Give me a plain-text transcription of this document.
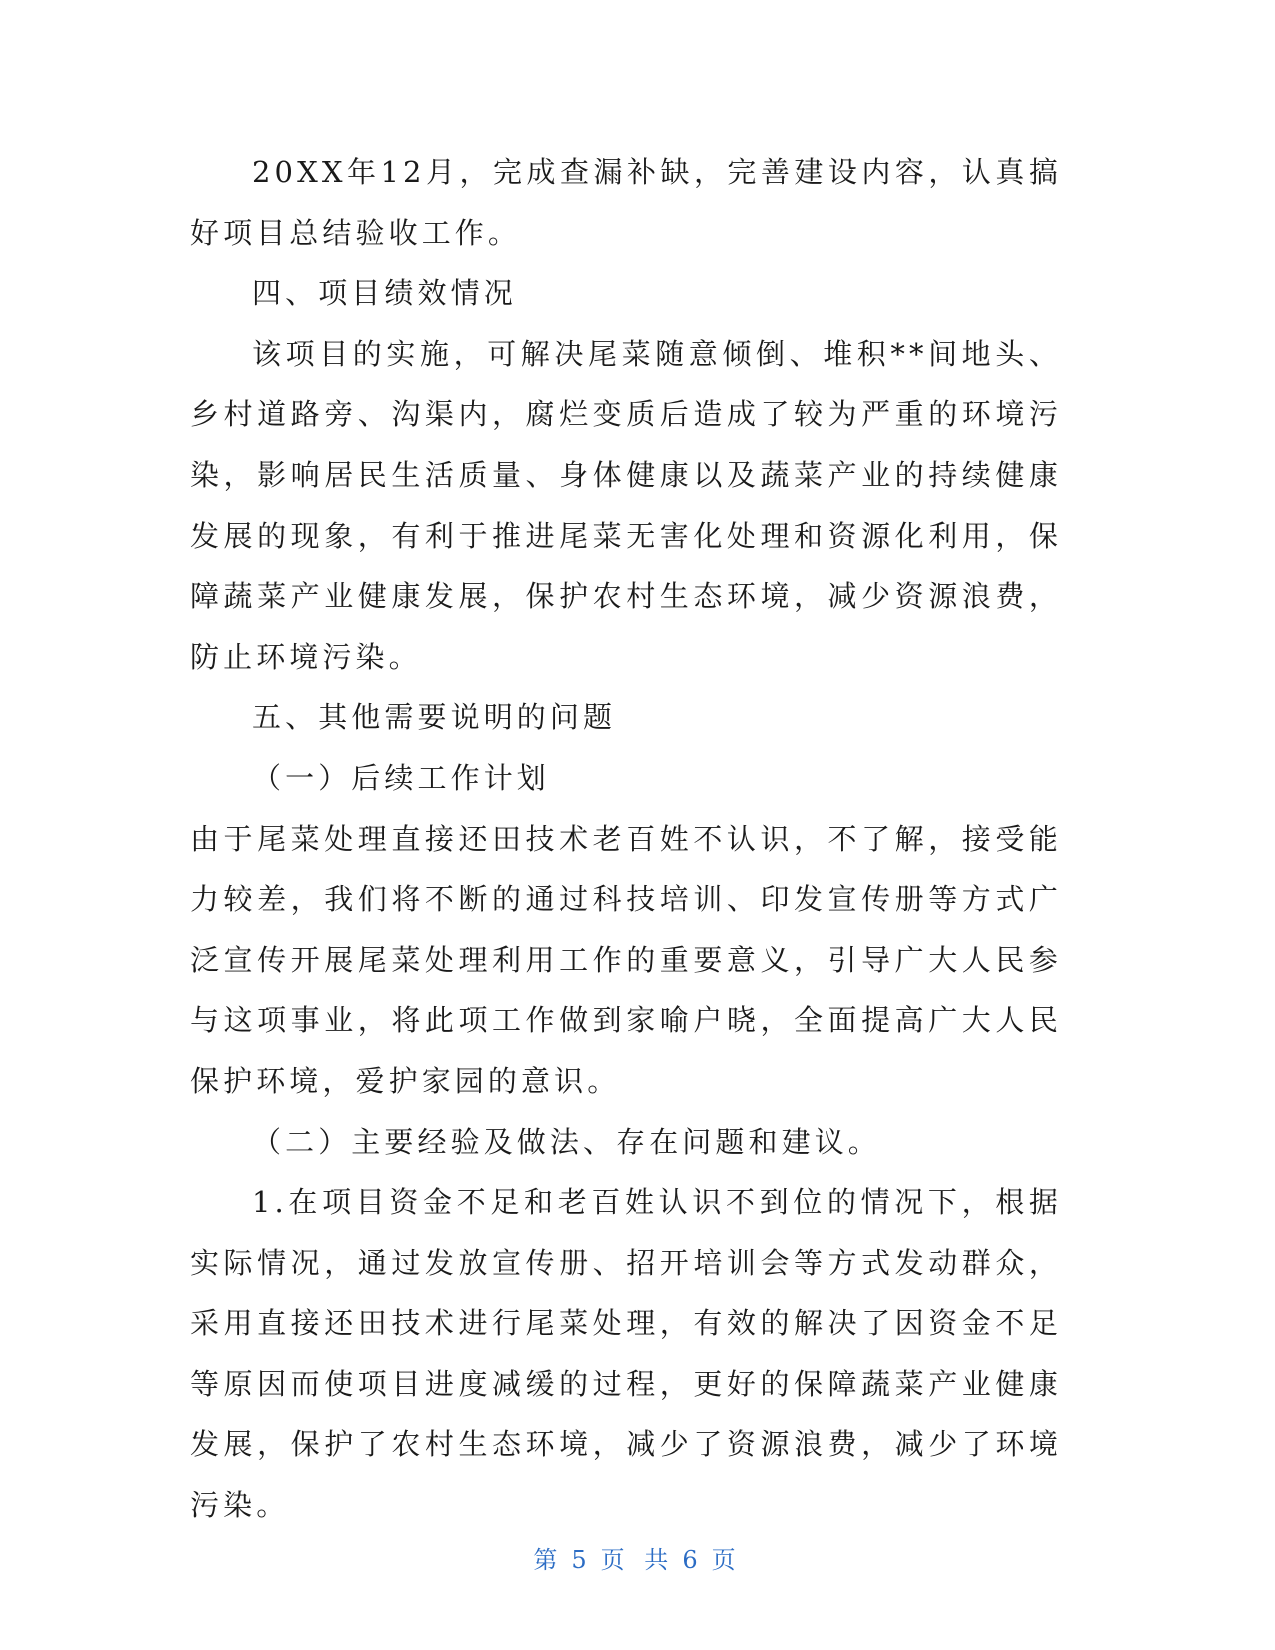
20XX年12月，完成查漏补缺，完善建设内容，认真搞好项目总结验收工作。

四、项目绩效情况

该项目的实施，可解决尾菜随意倾倒、堆积**间地头、乡村道路旁、沟渠内，腐烂变质后造成了较为严重的环境污染，影响居民生活质量、身体健康以及蔬菜产业的持续健康发展的现象，有利于推进尾菜无害化处理和资源化利用，保障蔬菜产业健康发展，保护农村生态环境，减少资源浪费，防止环境污染。

五、其他需要说明的问题

（一）后续工作计划

由于尾菜处理直接还田技术老百姓不认识，不了解，接受能力较差，我们将不断的通过科技培训、印发宣传册等方式广泛宣传开展尾菜处理利用工作的重要意义，引导广大人民参与这项事业，将此项工作做到家喻户晓，全面提高广大人民保护环境，爱护家园的意识。

（二）主要经验及做法、存在问题和建议。

1.在项目资金不足和老百姓认识不到位的情况下，根据实际情况，通过发放宣传册、招开培训会等方式发动群众，采用直接还田技术进行尾菜处理，有效的解决了因资金不足等原因而使项目进度减缓的过程，更好的保障蔬菜产业健康发展，保护了农村生态环境，减少了资源浪费，减少了环境污染。

第 5 页 共 6 页
